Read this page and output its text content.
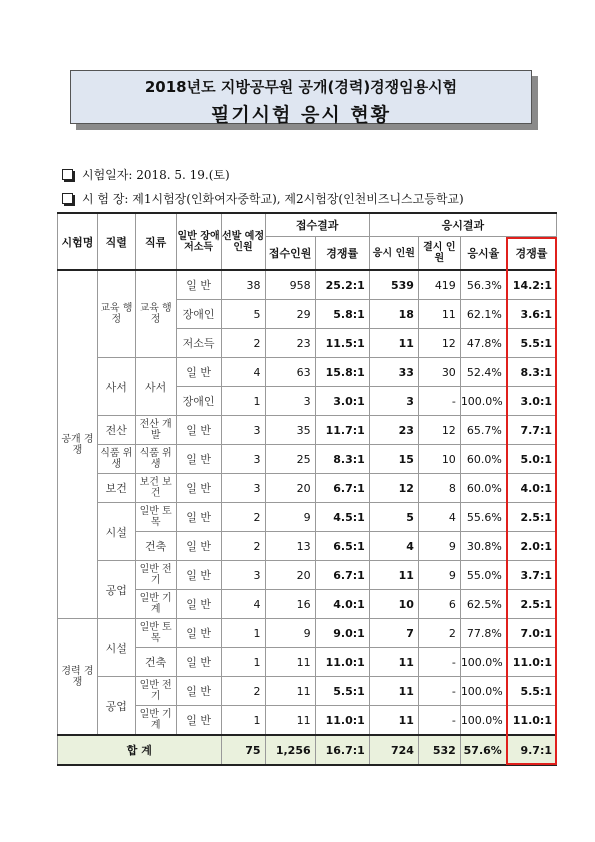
2018년도 지방공무원 공개(경력)경쟁임용시험
필기시험 응시 현황
시험일자: 2018. 5. 19.(토)
시 험 장: 제1시험장(인화여자중학교), 제2시험장(인천비즈니스고등학교)
시험명	직렬	직류	일반 장애 저소득	선발 예정 인원	접수결과		응시결과			
					접수인원	경쟁률	응시 인원	결시 인원	응시율	경쟁률
공개 경쟁	교육 행정	교육 행정	일 반	38	958	25.2:1	539	419	56.3%	14.2:1
			장애인	5	29	5.8:1	18	11	62.1%	3.6:1
			저소득	2	23	11.5:1	11	12	47.8%	5.5:1
	사서	사서	일 반	4	63	15.8:1	33	30	52.4%	8.3:1
			장애인	1	3	3.0:1	3	-	100.0%	3.0:1
	전산	전산 개발	일 반	3	35	11.7:1	23	12	65.7%	7.7:1
	식품 위생	식품 위생	일 반	3	25	8.3:1	15	10	60.0%	5.0:1
	보건	보건 보건	일 반	3	20	6.7:1	12	8	60.0%	4.0:1
	시설	일반 토목	일 반	2	9	4.5:1	5	4	55.6%	2.5:1
		건축	일 반	2	13	6.5:1	4	9	30.8%	2.0:1
	공업	일반 전기	일 반	3	20	6.7:1	11	9	55.0%	3.7:1
		일반 기계	일 반	4	16	4.0:1	10	6	62.5%	2.5:1
경력 경쟁	시설	일반 토목	일 반	1	9	9.0:1	7	2	77.8%	7.0:1
		건축	일 반	1	11	11.0:1	11	-	100.0%	11.0:1
	공업	일반 전기	일 반	2	11	5.5:1	11	-	100.0%	5.5:1
		일반 기계	일 반	1	11	11.0:1	11	-	100.0%	11.0:1
합 계				75	1,256	16.7:1	724	532	57.6%	9.7:1
